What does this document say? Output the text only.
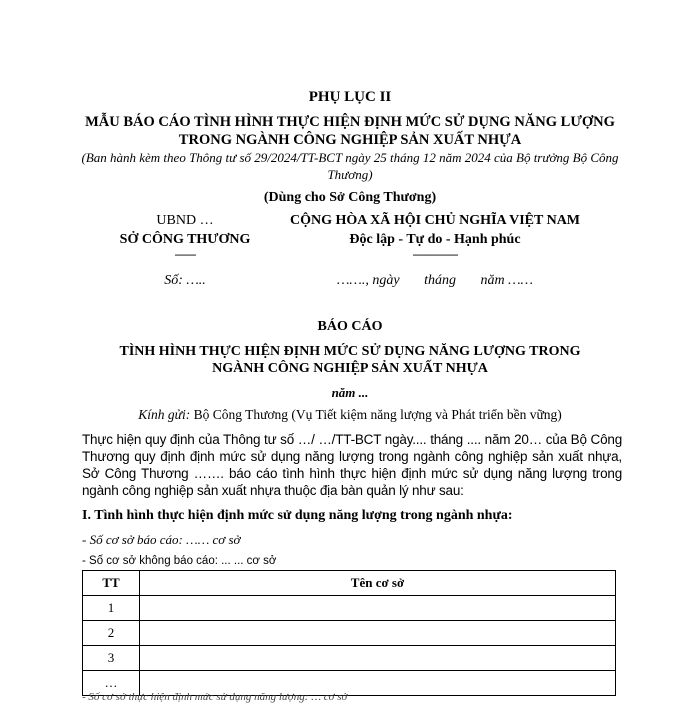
PHỤ LỤC II
MẪU BÁO CÁO TÌNH HÌNH THỰC HIỆN ĐỊNH MỨC SỬ DỤNG NĂNG LƯỢNG
TRONG NGÀNH CÔNG NGHIỆP SẢN XUẤT NHỰA
(Ban hành kèm theo Thông tư số 29/2024/TT-BCT ngày 25 tháng 12 năm 2024 của Bộ trưởng Bộ Công Thương)
(Dùng cho Sở Công Thương)
UBND …
SỞ CÔNG THƯƠNG
-------
Số: …..
CỘNG HÒA XÃ HỘI CHỦ NGHĨA VIỆT NAM
Độc lập - Tự do - Hạnh phúc
---------------
……., ngày       tháng       năm ……
BÁO CÁO
TÌNH HÌNH THỰC HIỆN ĐỊNH MỨC SỬ DỤNG NĂNG LƯỢNG TRONG
NGÀNH CÔNG NGHIỆP SẢN XUẤT NHỰA
năm ...
Kính gửi: Bộ Công Thương (Vụ Tiết kiệm năng lượng và Phát triển bền vững)
Thực hiện quy định của Thông tư số …/ …/TT-BCT ngày.... tháng .... năm 20… của Bộ Công Thương quy định định mức sử dụng năng lượng trong ngành công nghiệp sản xuất nhựa, Sở Công Thương ……. báo cáo tình hình thực hiện định mức sử dụng năng lượng trong ngành công nghiệp sản xuất nhựa thuộc địa bàn quản lý như sau:
I. Tình hình thực hiện định mức sử dụng năng lượng trong ngành nhựa:
- Số cơ sở báo cáo: …… cơ sở
- Số cơ sở không báo cáo: ... ... cơ sở
TT	Tên cơ sở
1	
2	
3	
…	
- Số cơ sở thực hiện định mức sử dụng năng lượng: … cơ sở
